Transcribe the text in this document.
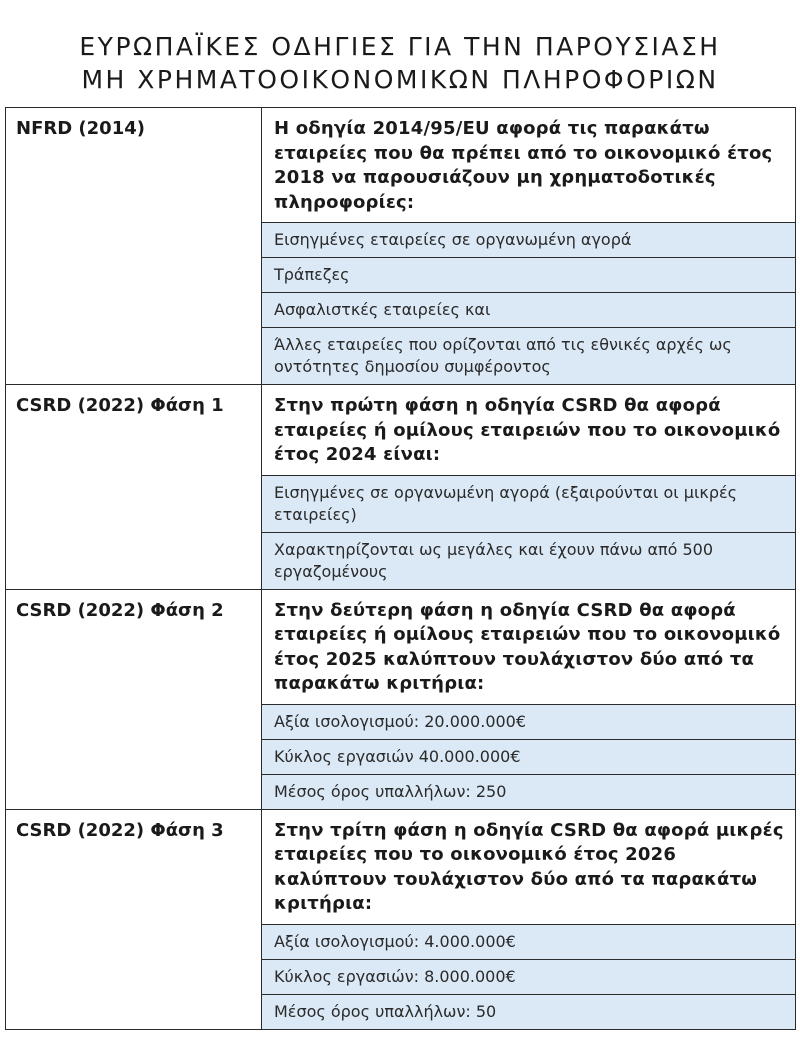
ΕΥΡΩΠΑΪΚΕΣ ΟΔΗΓΙΕΣ ΓΙΑ ΤΗΝ ΠΑΡΟΥΣΙΑΣΗ
ΜΗ ΧΡΗΜΑΤΟΟΙΚΟΝΟΜΙΚΩΝ ΠΛΗΡΟΦΟΡΙΩΝ
NFRD (2014)	Η οδηγία 2014/95/EU αφορά τις παρακάτω εταιρείες που θα πρέπει από το οικονομικό έτος 2018 να παρουσιάζουν μη χρηματοδοτικές πληροφορίες:

	Εισηγμένες εταιρείες σε οργανωμένη αγορά

	Τράπεζες

	Ασφαλιστκές εταιρείες και

	Άλλες εταιρείες που ορίζονται από τις εθνικές αρχές ως οντότητες δημοσίου συμφέροντος

CSRD (2022) Φάση 1	Στην πρώτη φάση η οδηγία CSRD θα αφορά εταιρείες ή ομίλους εταιρειών που το οικονομικό έτος 2024 είναι:

	Εισηγμένες σε οργανωμένη αγορά (εξαιρούνται οι μικρές εταιρείες)

	Χαρακτηρίζονται ως μεγάλες και έχουν πάνω από 500 εργαζομένους

CSRD (2022) Φάση 2	Στην δεύτερη φάση η οδηγία CSRD θα αφορά εταιρείες ή ομίλους εταιρειών που το οικονομικό έτος 2025 καλύπτουν τουλάχιστον δύο από τα παρακάτω κριτήρια:

	Αξία ισολογισμού: 20.000.000€

	Κύκλος εργασιών 40.000.000€

	Μέσος όρος υπαλλήλων: 250

CSRD (2022) Φάση 3	Στην τρίτη φάση η οδηγία CSRD θα αφορά μικρές εταιρείες που το οικονομικό έτος 2026 καλύπτουν τουλάχιστον δύο από τα παρακάτω κριτήρια:

	Αξία ισολογισμού: 4.000.000€

	Κύκλος εργασιών: 8.000.000€

	Μέσος όρος υπαλλήλων: 50
